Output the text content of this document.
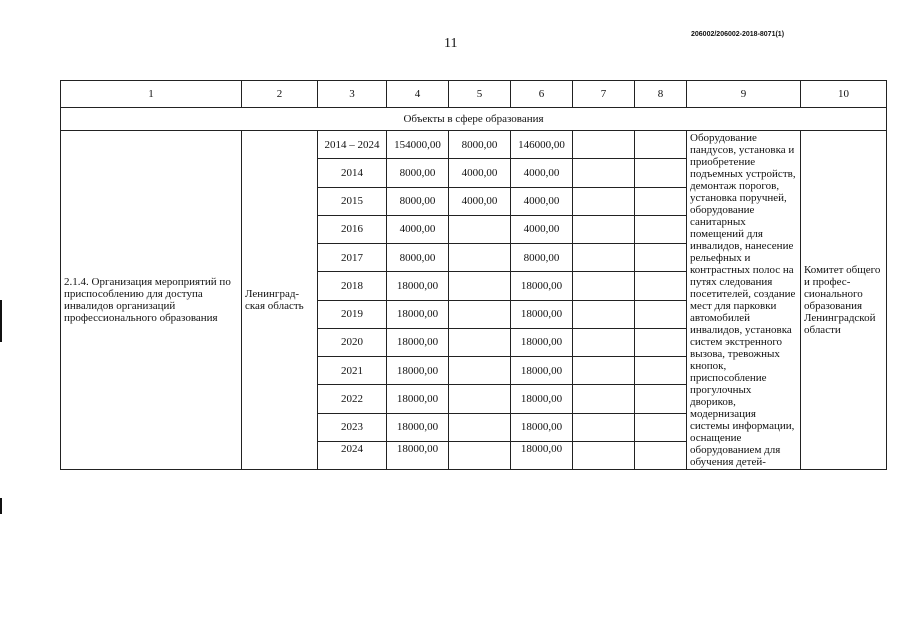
11
206002/206002-2018-8071(1)
1	2	3	4	5	6	7	8	9	10
Объекты в сфере образования									
2.1.4. Организация мероприятий по приспособлению для доступа инвалидов организаций профессионального образования	Ленинград-ская область	2014 – 2024	154000,00	8000,00	146000,00			Оборудование пандусов, установка и приобретение подъемных устройств, демонтаж порогов, установка поручней, оборудование санитарных помещений для инвалидов, нанесение рельефных и контрастных полос на путях следования посетителей, создание мест для парковки автомобилей инвалидов, установка систем экстренного вызова, тревожных кнопок, приспособление прогулочных двориков, модернизация системы информации, оснащение оборудованием для обучения детей-	Комитет общего и профес-сионального образования Ленинградской области
		2014	8000,00	4000,00	4000,00				
		2015	8000,00	4000,00	4000,00				
		2016	4000,00		4000,00				
		2017	8000,00		8000,00				
		2018	18000,00		18000,00				
		2019	18000,00		18000,00				
		2020	18000,00		18000,00				
		2021	18000,00		18000,00				
		2022	18000,00		18000,00				
		2023	18000,00		18000,00				
		2024	18000,00		18000,00				
